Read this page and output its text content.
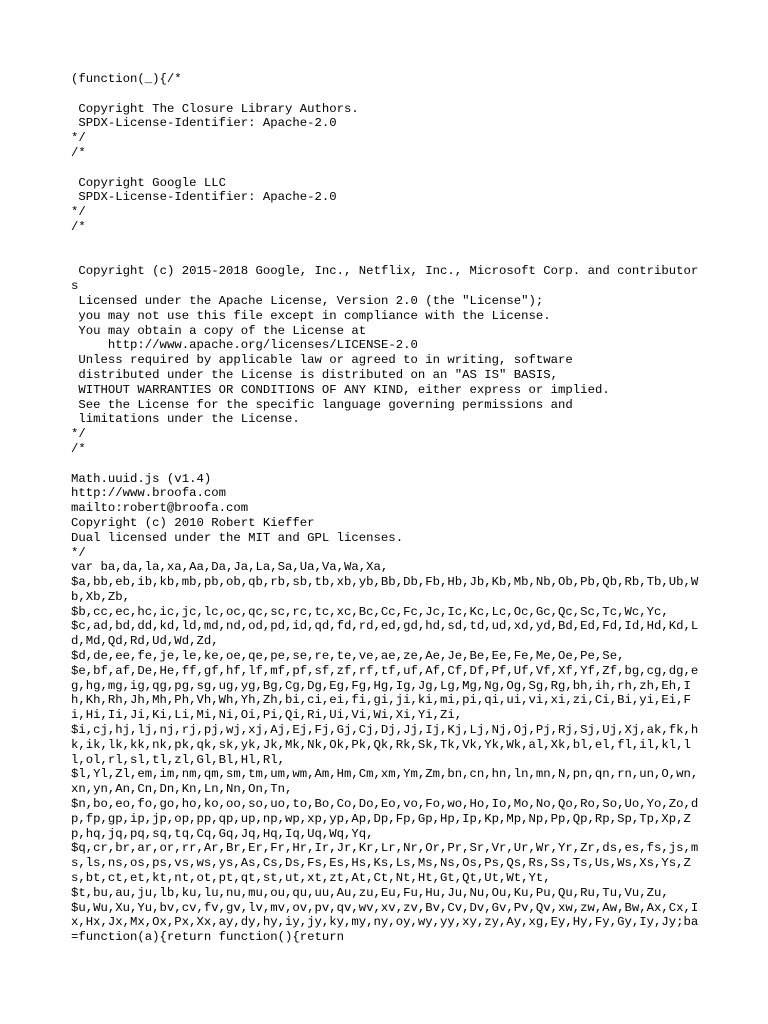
(function(_){/*
Copyright The Closure Library Authors.
SPDX-License-Identifier: Apache-2.0
*/
/*
Copyright Google LLC
SPDX-License-Identifier: Apache-2.0
*/
/*
Copyright (c) 2015-2018 Google, Inc., Netflix, Inc., Microsoft Corp. and contributors
Licensed under the Apache License, Version 2.0 (the "License");
you may not use this file except in compliance with the License.
You may obtain a copy of the License at
http://www.apache.org/licenses/LICENSE-2.0
Unless required by applicable law or agreed to in writing, software
distributed under the License is distributed on an "AS IS" BASIS,
WITHOUT WARRANTIES OR CONDITIONS OF ANY KIND, either express or implied.
See the License for the specific language governing permissions and
limitations under the License.
*/
/*
Math.uuid.js (v1.4)
http://www.broofa.com
mailto:robert@broofa.com
Copyright (c) 2010 Robert Kieffer
Dual licensed under the MIT and GPL licenses.
*/
var ba,da,la,xa,Aa,Da,Ja,La,Sa,Ua,Va,Wa,Xa,
$a,bb,eb,ib,kb,mb,pb,ob,qb,rb,sb,tb,xb,yb,Bb,Db,Fb,Hb,Jb,Kb,Mb,Nb,Ob,Pb,Qb,Rb,Tb,Ub,Wb,Xb,Zb,
$b,cc,ec,hc,ic,jc,lc,oc,qc,sc,rc,tc,xc,Bc,Cc,Fc,Jc,Ic,Kc,Lc,Oc,Gc,Qc,Sc,Tc,Wc,Yc,
$c,ad,bd,dd,kd,ld,md,nd,od,pd,id,qd,fd,rd,ed,gd,hd,sd,td,ud,xd,yd,Bd,Ed,Fd,Id,Hd,Kd,Ld,Md,Qd,Rd,Ud,Wd,Zd,
$d,de,ee,fe,je,le,ke,oe,qe,pe,se,re,te,ve,ae,ze,Ae,Je,Be,Ee,Fe,Me,Oe,Pe,Se,
$e,bf,af,De,He,ff,gf,hf,lf,mf,pf,sf,zf,rf,tf,uf,Af,Cf,Df,Pf,Uf,Vf,Xf,Yf,Zf,bg,cg,dg,eg,hg,mg,ig,qg,pg,sg,ug,yg,Bg,Cg,Dg,Eg,Fg,Hg,Ig,Jg,Lg,Mg,Ng,Og,Sg,Rg,bh,ih,rh,zh,Eh,Ih,Kh,Rh,Jh,Mh,Ph,Vh,Wh,Yh,Zh,bi,ci,ei,fi,gi,ji,ki,mi,pi,qi,ui,vi,xi,zi,Ci,Bi,yi,Ei,Fi,Hi,Ii,Ji,Ki,Li,Mi,Ni,Oi,Pi,Qi,Ri,Ui,Vi,Wi,Xi,Yi,Zi,
$i,cj,hj,lj,nj,rj,pj,wj,xj,Aj,Ej,Fj,Gj,Cj,Dj,Jj,Ij,Kj,Lj,Nj,Oj,Pj,Rj,Sj,Uj,Xj,ak,fk,hk,ik,lk,kk,nk,pk,qk,sk,yk,Jk,Mk,Nk,Ok,Pk,Qk,Rk,Sk,Tk,Vk,Yk,Wk,al,Xk,bl,el,fl,il,kl,ll,ol,rl,sl,tl,zl,Gl,Bl,Hl,Rl,
$l,Yl,Zl,em,im,nm,qm,sm,tm,um,wm,Am,Hm,Cm,xm,Ym,Zm,bn,cn,hn,ln,mn,N,pn,qn,rn,un,O,wn,xn,yn,An,Cn,Dn,Kn,Ln,Nn,On,Tn,
$n,bo,eo,fo,go,ho,ko,oo,so,uo,to,Bo,Co,Do,Eo,vo,Fo,wo,Ho,Io,Mo,No,Qo,Ro,So,Uo,Yo,Zo,dp,fp,gp,ip,jp,op,pp,qp,up,np,wp,xp,yp,Ap,Dp,Fp,Gp,Hp,Ip,Kp,Mp,Np,Pp,Qp,Rp,Sp,Tp,Xp,Zp,hq,jq,pq,sq,tq,Cq,Gq,Jq,Hq,Iq,Uq,Wq,Yq,
$q,cr,br,ar,or,rr,Ar,Br,Er,Fr,Hr,Ir,Jr,Kr,Lr,Nr,Or,Pr,Sr,Vr,Ur,Wr,Yr,Zr,ds,es,fs,js,ms,ls,ns,os,ps,vs,ws,ys,As,Cs,Ds,Fs,Es,Hs,Ks,Ls,Ms,Ns,Os,Ps,Qs,Rs,Ss,Ts,Us,Ws,Xs,Ys,Zs,bt,ct,et,kt,nt,ot,pt,qt,st,ut,xt,zt,At,Ct,Nt,Ht,Gt,Qt,Ut,Wt,Yt,
$t,bu,au,ju,lb,ku,lu,nu,mu,ou,qu,uu,Au,zu,Eu,Fu,Hu,Ju,Nu,Ou,Ku,Pu,Qu,Ru,Tu,Vu,Zu,
$u,Wu,Xu,Yu,bv,cv,fv,gv,lv,mv,ov,pv,qv,wv,xv,zv,Bv,Cv,Dv,Gv,Pv,Qv,xw,zw,Aw,Bw,Ax,Cx,Ix,Hx,Jx,Mx,Ox,Px,Xx,ay,dy,hy,iy,jy,ky,my,ny,oy,wy,yy,xy,zy,Ay,xg,Ey,Hy,Fy,Gy,Iy,Jy;ba=function(a){return function(){return
